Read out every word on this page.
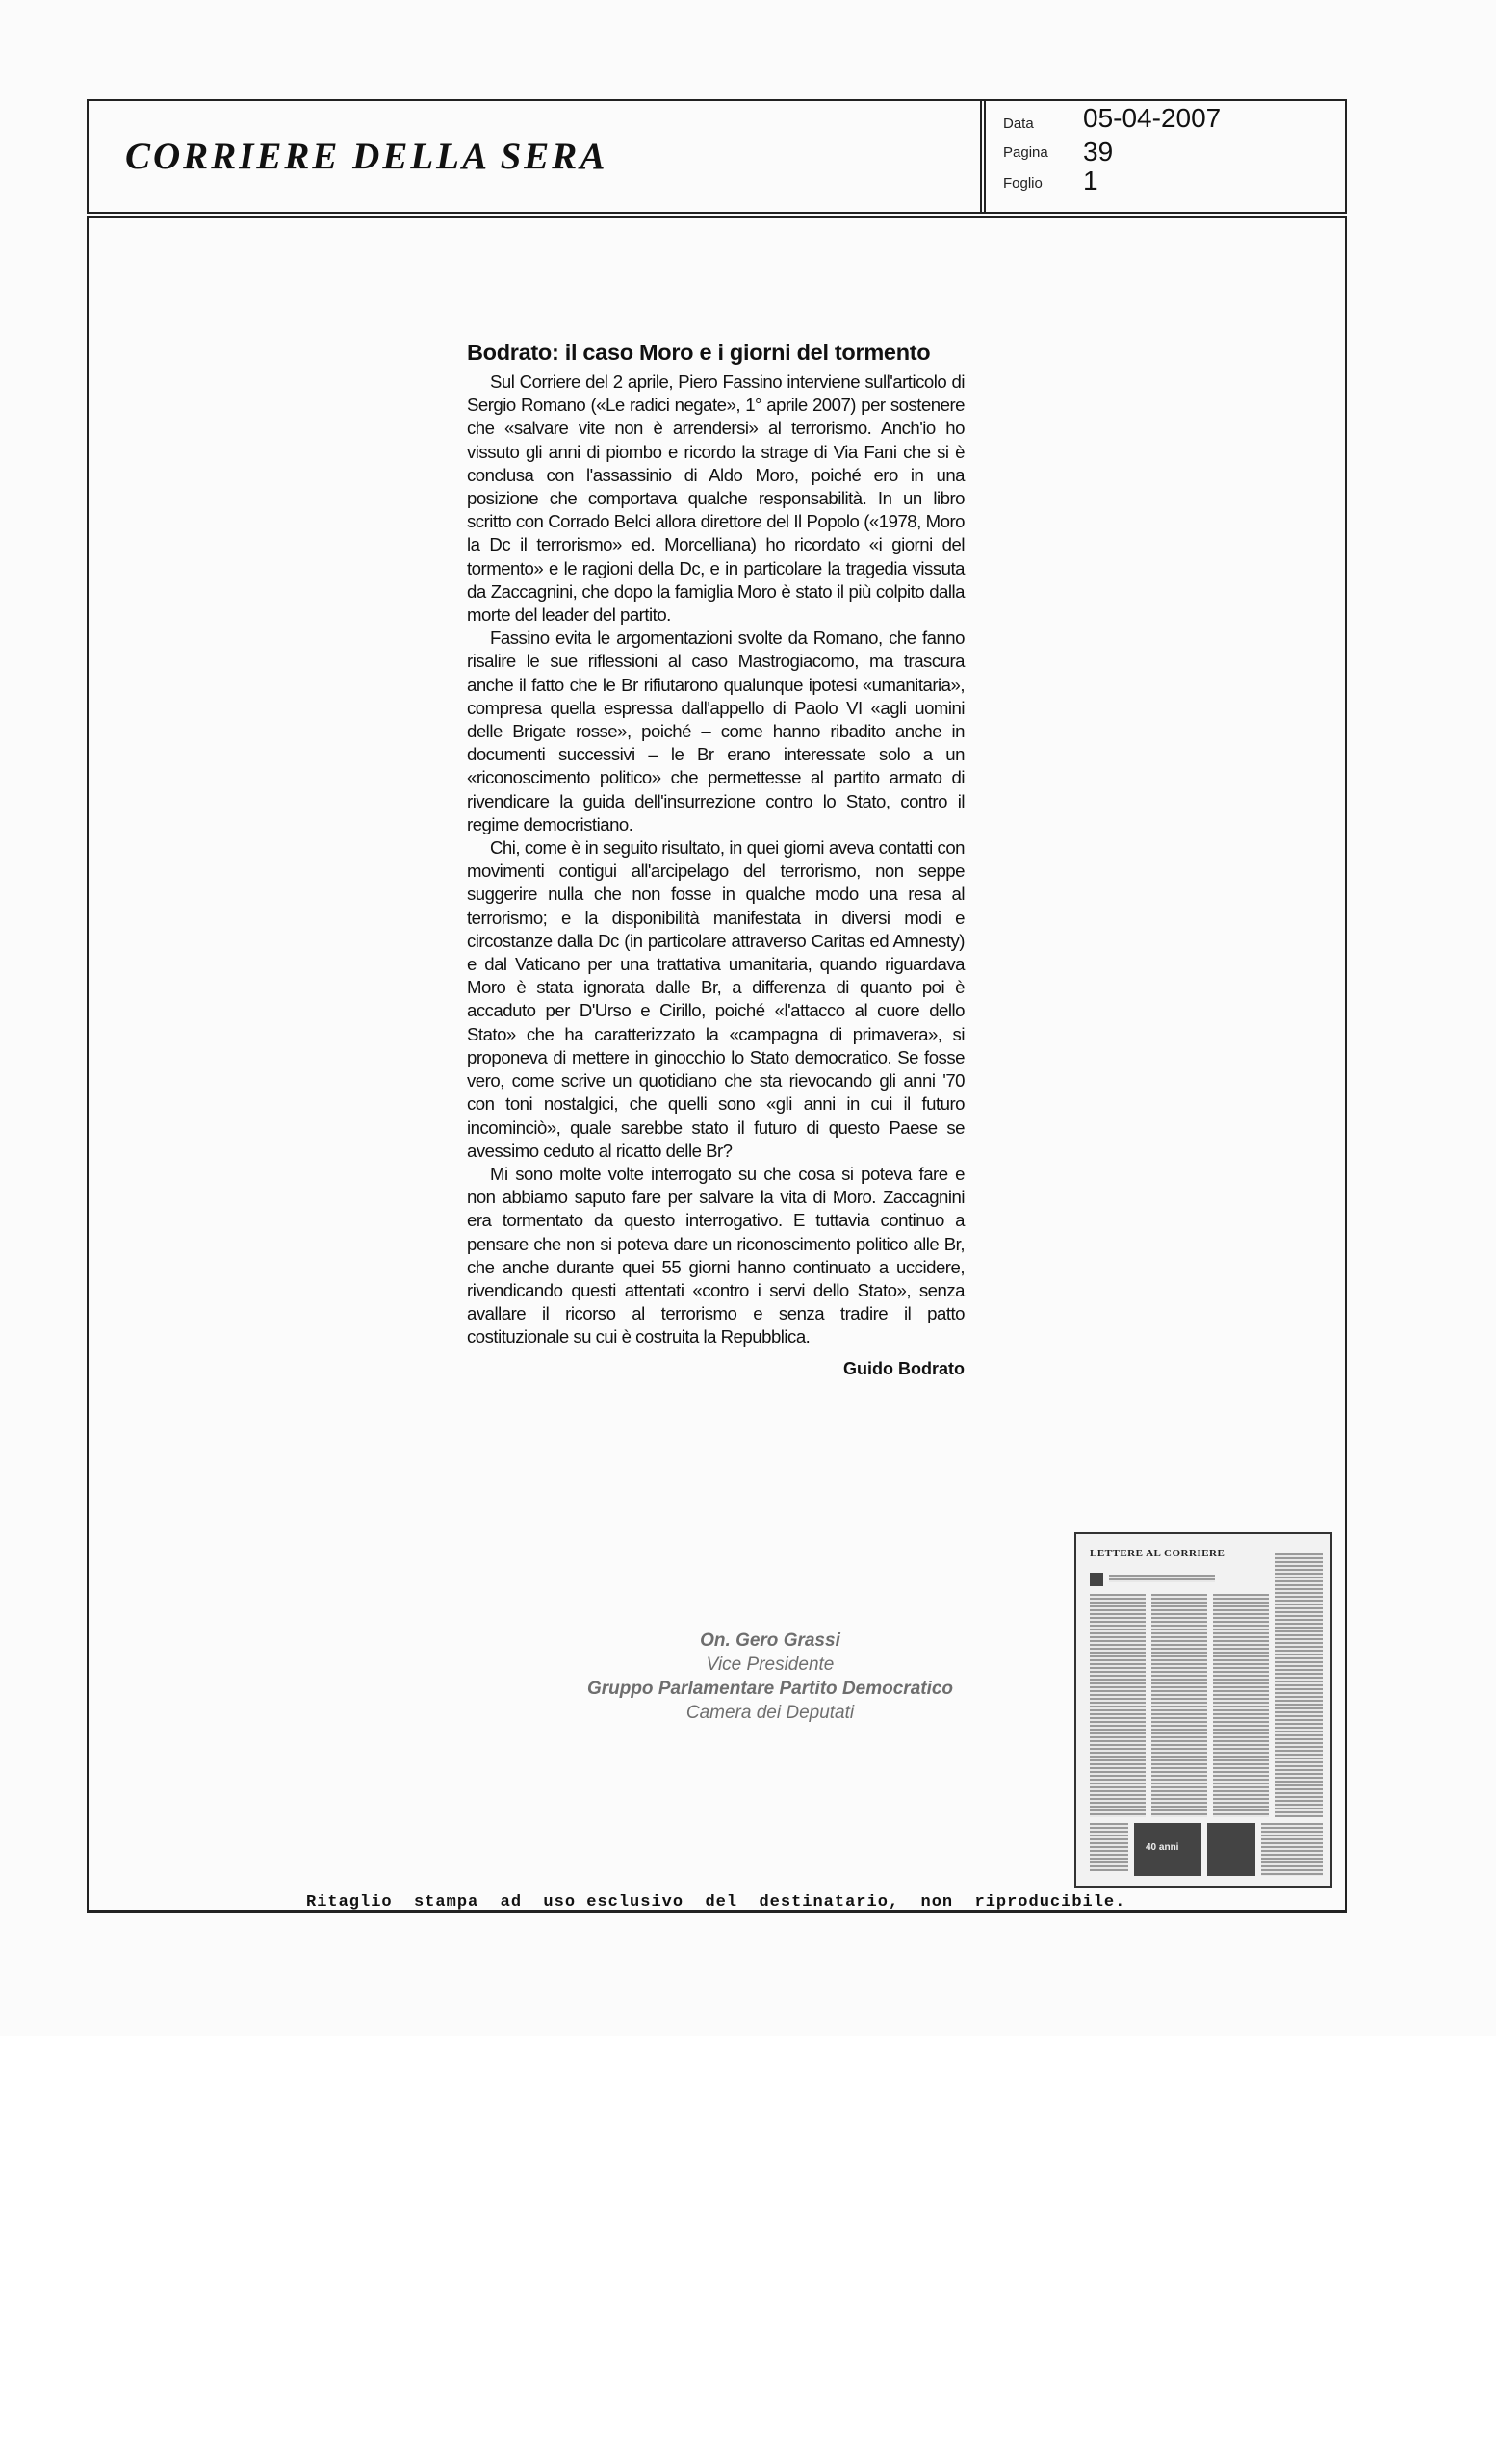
CORRIERE DELLA SERA
Data 05-04-2007
Pagina 39
Foglio 1
Bodrato: il caso Moro e i giorni del tormento

Sul Corriere del 2 aprile, Piero Fassino interviene sull'articolo di Sergio Romano («Le radici negate», 1° aprile 2007) per sostenere che «salvare vite non è arrendersi» al terrorismo. Anch'io ho vissuto gli anni di piombo e ricordo la strage di Via Fani che si è conclusa con l'assassinio di Aldo Moro, poiché ero in una posizione che comportava qualche responsabilità. In un libro scritto con Corrado Belci allora direttore del Il Popolo («1978, Moro la Dc il terrorismo» ed. Morcelliana) ho ricordato «i giorni del tormento» e le ragioni della Dc, e in particolare la tragedia vissuta da Zaccagnini, che dopo la famiglia Moro è stato il più colpito dalla morte del leader del partito.

Fassino evita le argomentazioni svolte da Romano, che fanno risalire le sue riflessioni al caso Mastrogiacomo, ma trascura anche il fatto che le Br rifiutarono qualunque ipotesi «umanitaria», compresa quella espressa dall'appello di Paolo VI «agli uomini delle Brigate rosse», poiché – come hanno ribadito anche in documenti successivi – le Br erano interessate solo a un «riconoscimento politico» che permettesse al partito armato di rivendicare la guida dell'insurrezione contro lo Stato, contro il regime democristiano.

Chi, come è in seguito risultato, in quei giorni aveva contatti con movimenti contigui all'arcipelago del terrorismo, non seppe suggerire nulla che non fosse in qualche modo una resa al terrorismo; e la disponibilità manifestata in diversi modi e circostanze dalla Dc (in particolare attraverso Caritas ed Amnesty) e dal Vaticano per una trattativa umanitaria, quando riguardava Moro è stata ignorata dalle Br, a differenza di quanto poi è accaduto per D'Urso e Cirillo, poiché «l'attacco al cuore dello Stato» che ha caratterizzato la «campagna di primavera», si proponeva di mettere in ginocchio lo Stato democratico. Se fosse vero, come scrive un quotidiano che sta rievocando gli anni '70 con toni nostalgici, che quelli sono «gli anni in cui il futuro incominciò», quale sarebbe stato il futuro di questo Paese se avessimo ceduto al ricatto delle Br?

Mi sono molte volte interrogato su che cosa si poteva fare e non abbiamo saputo fare per salvare la vita di Moro. Zaccagnini era tormentato da questo interrogativo. E tuttavia continuo a pensare che non si poteva dare un riconoscimento politico alle Br, che anche durante quei 55 giorni hanno continuato a uccidere, rivendicando questi attentati «contro i servi dello Stato», senza avallare il ricorso al terrorismo e senza tradire il patto costituzionale su cui è costruita la Repubblica.

Guido Bodrato
On. Gero Grassi
Vice Presidente
Gruppo Parlamentare Partito Democratico
Camera dei Deputati
LETTERE AL CORRIERE
40 anni
Ritaglio  stampa  ad  uso esclusivo  del  destinatario,  non  riproducibile.
